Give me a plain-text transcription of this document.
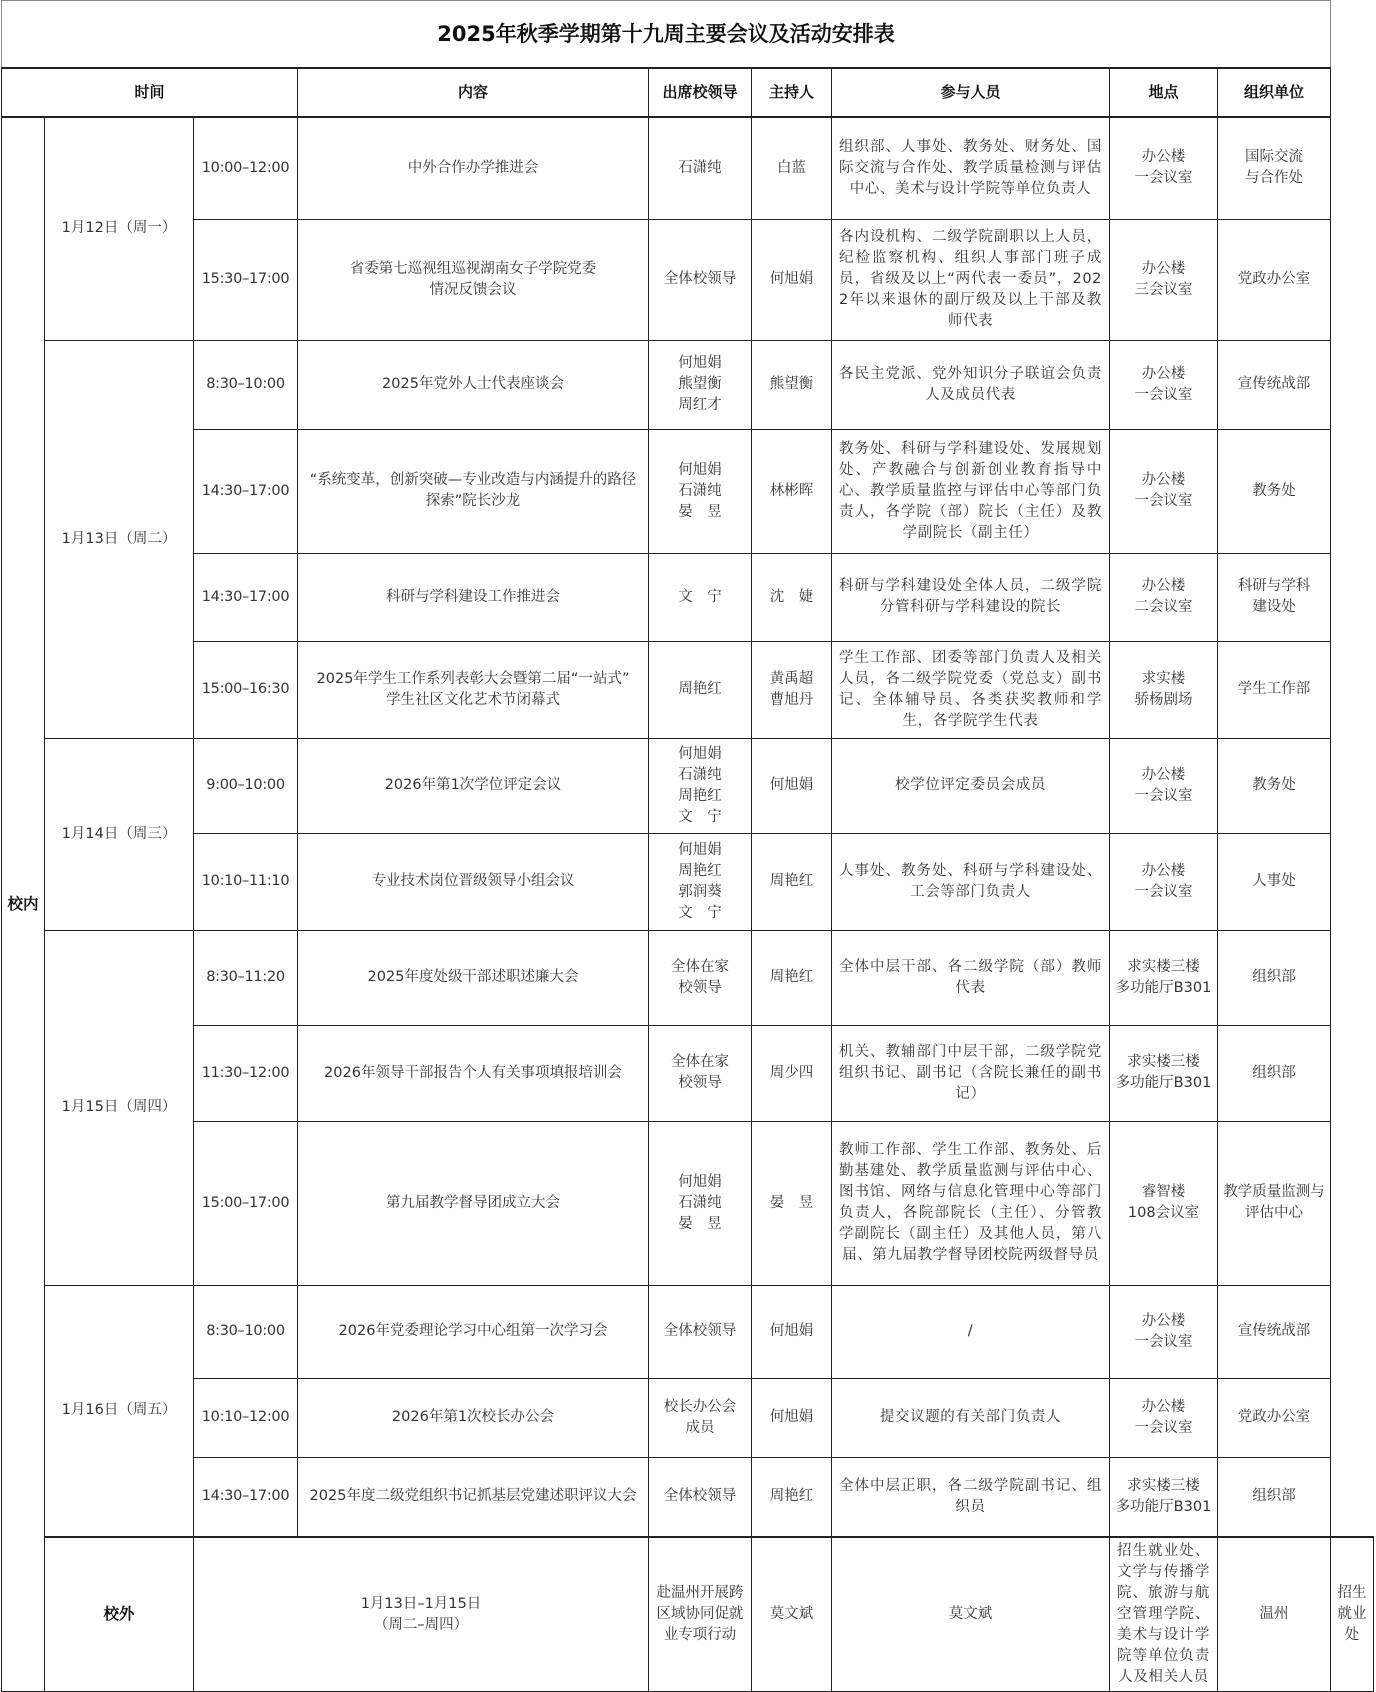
2025年秋季学期第十九周主要会议及活动安排表									
时间			内容	出席校领导	主持人	参与人员	地点	组织单位	
校内	1月12日（周一）	10:00–12:00	中外合作办学推进会	石潇纯	白蓝	组织部、人事处、教务处、财务处、国际交流与合作处、教学质量检测与评估中心、美术与设计学院等单位负责人	办公楼
一会议室	国际交流
与合作处	
		15:30–17:00	省委第七巡视组巡视湖南女子学院党委
情况反馈会议	全体校领导	何旭娟	各内设机构、二级学院副职以上人员，纪检监察机构、组织人事部门班子成员，省级及以上“两代表一委员”，2022年以来退休的副厅级及以上干部及教师代表	办公楼
三会议室	党政办公室	
	1月13日（周二）	8:30–10:00	2025年党外人士代表座谈会	何旭娟
熊望衡
周红才	熊望衡	各民主党派、党外知识分子联谊会负责人及成员代表	办公楼
一会议室	宣传统战部	
		14:30–17:00	“系统变革，创新突破—专业改造与内涵提升的路径探索”院长沙龙	何旭娟
石潇纯
晏　昱	林彬晖	教务处、科研与学科建设处、发展规划处、产教融合与创新创业教育指导中心、教学质量监控与评估中心等部门负责人，各学院（部）院长（主任）及教学副院长（副主任）	办公楼
一会议室	教务处	
		14:30–17:00	科研与学科建设工作推进会	文　宁	沈　婕	科研与学科建设处全体人员，二级学院分管科研与学科建设的院长	办公楼
二会议室	科研与学科
建设处	
		15:00–16:30	2025年学生工作系列表彰大会暨第二届“一站式”
学生社区文化艺术节闭幕式	周艳红	黄禹超
曹旭丹	学生工作部、团委等部门负责人及相关人员，各二级学院党委（党总支）副书记、全体辅导员、各类获奖教师和学生，各学院学生代表	求实楼
骄杨剧场	学生工作部	
	1月14日（周三）	9:00–10:00	2026年第1次学位评定会议	何旭娟
石潇纯
周艳红
文　宁	何旭娟	校学位评定委员会成员	办公楼
一会议室	教务处	
		10:10–11:10	专业技术岗位晋级领导小组会议	何旭娟
周艳红
郭润葵
文　宁	周艳红	人事处、教务处、科研与学科建设处、工会等部门负责人	办公楼
一会议室	人事处	
	1月15日（周四）	8:30–11:20	2025年度处级干部述职述廉大会	全体在家
校领导	周艳红	全体中层干部、各二级学院（部）教师代表	求实楼三楼
多功能厅B301	组织部	
		11:30–12:00	2026年领导干部报告个人有关事项填报培训会	全体在家
校领导	周少四	机关、教辅部门中层干部，二级学院党组织书记、副书记（含院长兼任的副书记）	求实楼三楼
多功能厅B301	组织部	
		15:00–17:00	第九届教学督导团成立大会	何旭娟
石潇纯
晏　昱	晏　昱	教师工作部、学生工作部、教务处、后勤基建处、教学质量监测与评估中心、图书馆、网络与信息化管理中心等部门负责人，各院部院长（主任）、分管教学副院长（副主任）及其他人员，第八届、第九届教学督导团校院两级督导员	睿智楼
108会议室	教学质量监测与
评估中心	
	1月16日（周五）	8:30–10:00	2026年党委理论学习中心组第一次学习会	全体校领导	何旭娟	/	办公楼
一会议室	宣传统战部	
		10:10–12:00	2026年第1次校长办公会	校长办公会
成员	何旭娟	提交议题的有关部门负责人	办公楼
一会议室	党政办公室	
		14:30–17:00	2025年度二级党组织书记抓基层党建述职评议大会	全体校领导	周艳红	全体中层正职，各二级学院副书记、组织员	求实楼三楼
多功能厅B301	组织部	
	校外	1月13日–1月15日
（周二–周四）		赴温州开展跨区域协同促就业专项行动	莫文斌	莫文斌	招生就业处、文学与传播学院、旅游与航空管理学院、美术与设计学院等单位负责人及相关人员	温州	招生就业处
